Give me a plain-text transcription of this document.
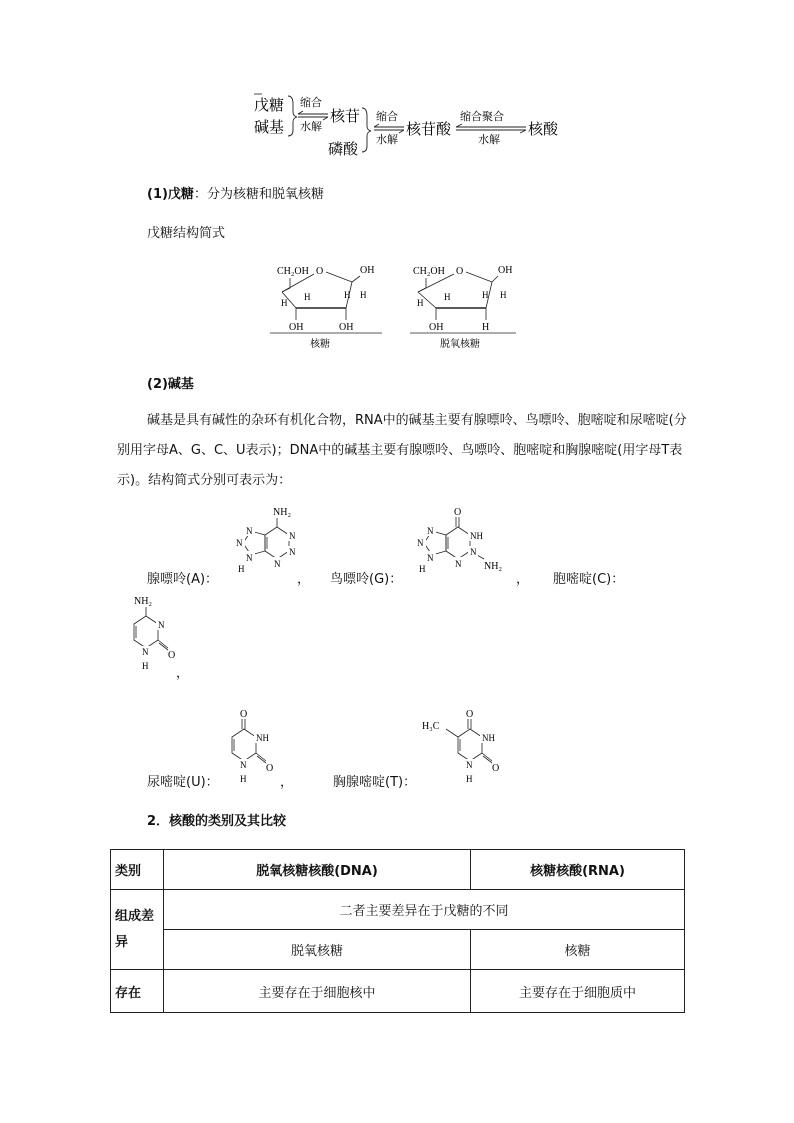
戊糖
碱基
缩合
水解
核苷
磷酸
缩合
水解
核苷酸
缩合聚合
水解
核酸
(1)戊糖：分为核糖和脱氧核糖
戊糖结构简式
CH₂OH O	OH
H
H	H H
OH	OH
核糖
CH₂OH O	OH
H
H	H H
OH	H
脱氧核糖
(2)碱基
碱基是具有碱性的杂环有机化合物，RNA中的碱基主要有腺嘌呤、鸟嘌呤、胞嘧啶和尿嘧啶(分别用字母A、G、C、U表示)；DNA中的碱基主要有腺嘌呤、鸟嘌呤、胞嘧啶和胸腺嘧啶(用字母T表示)。结构简式分别可表示为：
腺嘌呤(A)：
NH₂
N
N
N
N
N
N
H
， 鸟嘌呤(G)：
O
NH
N
N
N
N
N
H	NH₂
， 胞嘧啶(C)：
NH₂
N
N
H
O
，
尿嘧啶(U)：
O
NH
N
H
O
，	胸腺嘧啶(T)：
O
H₃C
NH
N
H
O
2．核酸的类别及其比较
类别	脱氧核糖核酸(DNA)	核糖核酸(RNA)
组成差异	二者主要差异在于戊糖的不同	
	脱氧核糖	核糖
存在	主要存在于细胞核中	主要存在于细胞质中
